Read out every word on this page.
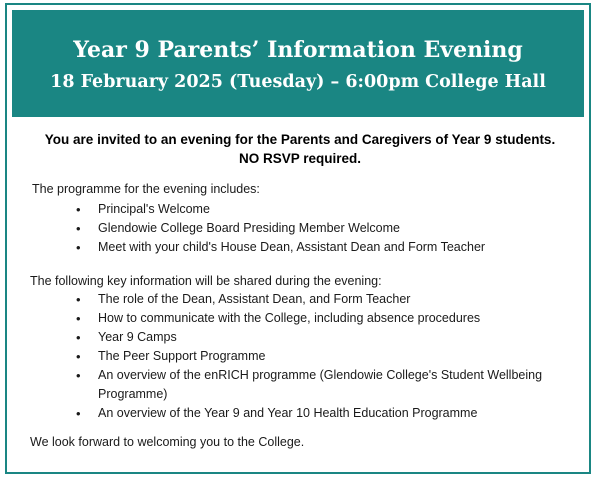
Year 9 Parents’ Information Evening
18 February 2025 (Tuesday) – 6:00pm College Hall
You are invited to an evening for the Parents and Caregivers of Year 9 students.
NO RSVP required.
The programme for the evening includes:
• Principal's Welcome
• Glendowie College Board Presiding Member Welcome
• Meet with your child's House Dean, Assistant Dean and Form Teacher
The following key information will be shared during the evening:
• The role of the Dean, Assistant Dean, and Form Teacher
• How to communicate with the College, including absence procedures
• Year 9 Camps
• The Peer Support Programme
• An overview of the enRICH programme (Glendowie College's Student Wellbeing Programme)
• An overview of the Year 9 and Year 10 Health Education Programme
We look forward to welcoming you to the College.
